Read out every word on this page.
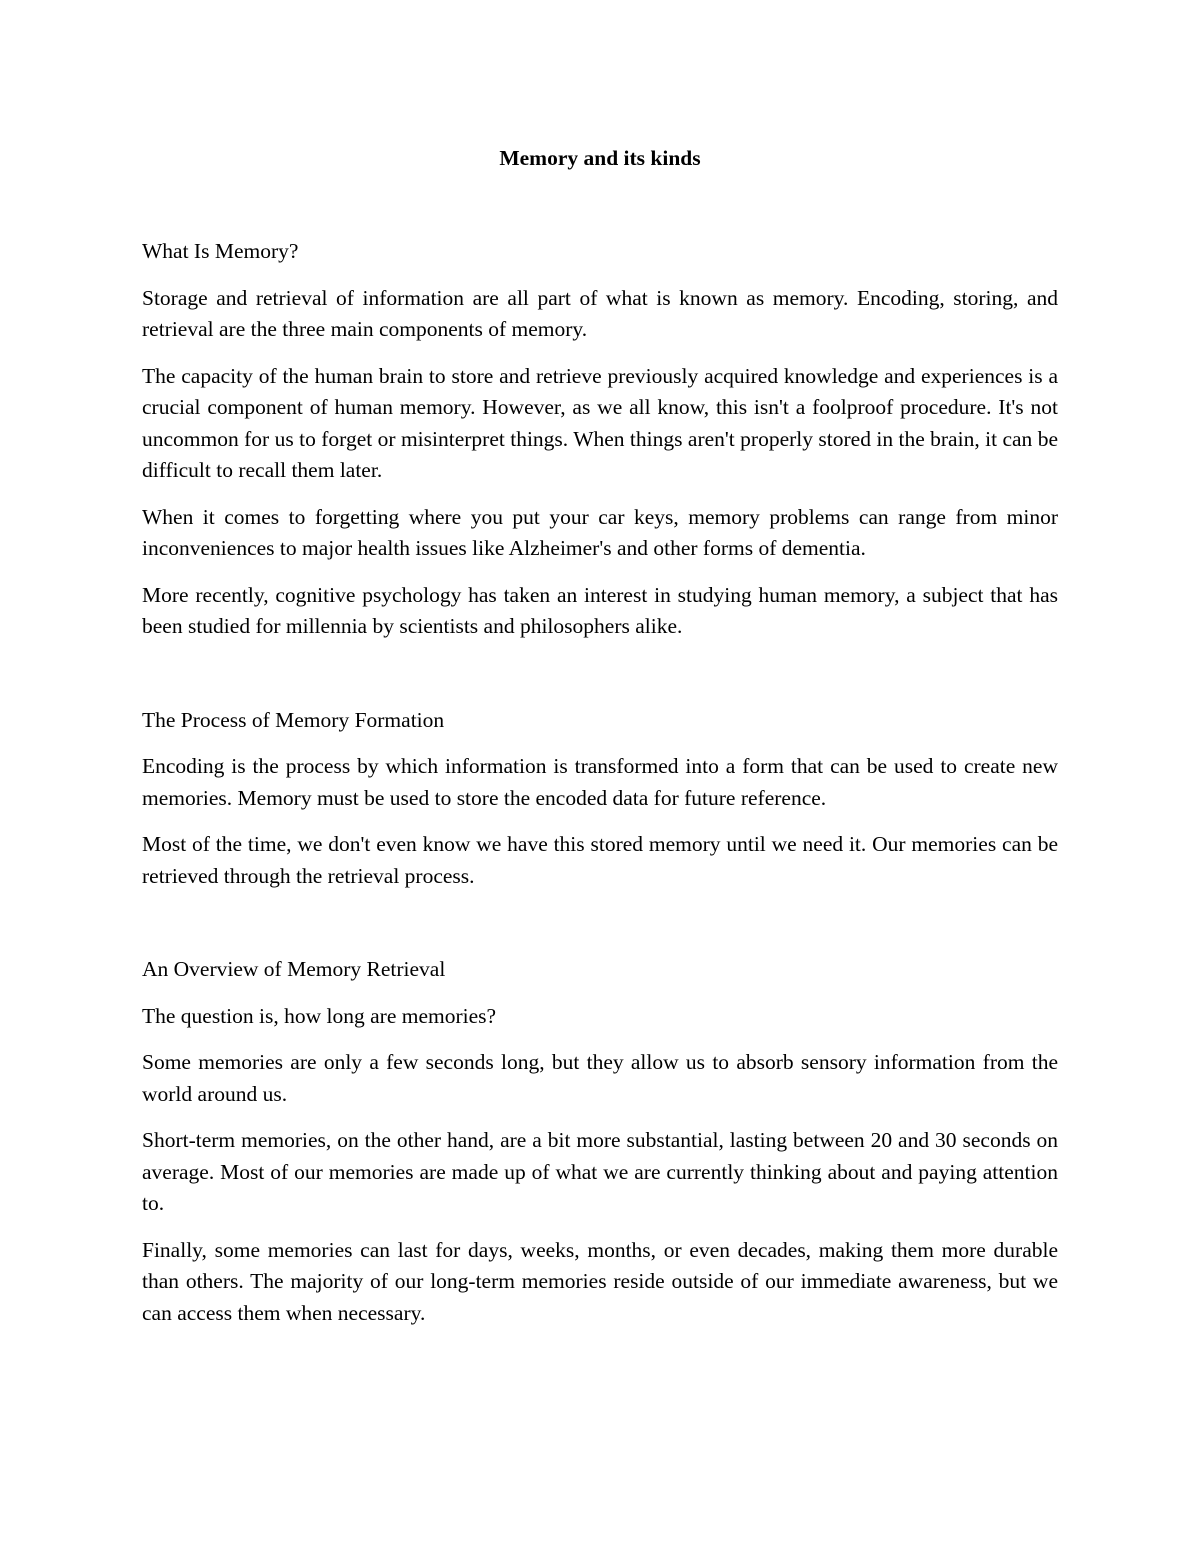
Memory and its kinds
What Is Memory?

Storage and retrieval of information are all part of what is known as memory. Encoding, storing, and retrieval are the three main components of memory.

The capacity of the human brain to store and retrieve previously acquired knowledge and experiences is a crucial component of human memory. However, as we all know, this isn't a foolproof procedure. It's not uncommon for us to forget or misinterpret things. When things aren't properly stored in the brain, it can be difficult to recall them later.

When it comes to forgetting where you put your car keys, memory problems can range from minor inconveniences to major health issues like Alzheimer's and other forms of dementia.

More recently, cognitive psychology has taken an interest in studying human memory, a subject that has been studied for millennia by scientists and philosophers alike.

The Process of Memory Formation

Encoding is the process by which information is transformed into a form that can be used to create new memories. Memory must be used to store the encoded data for future reference.

Most of the time, we don't even know we have this stored memory until we need it. Our memories can be retrieved through the retrieval process.

An Overview of Memory Retrieval

The question is, how long are memories?

Some memories are only a few seconds long, but they allow us to absorb sensory information from the world around us.

Short-term memories, on the other hand, are a bit more substantial, lasting between 20 and 30 seconds on average. Most of our memories are made up of what we are currently thinking about and paying attention to.

Finally, some memories can last for days, weeks, months, or even decades, making them more durable than others. The majority of our long-term memories reside outside of our immediate awareness, but we can access them when necessary.
